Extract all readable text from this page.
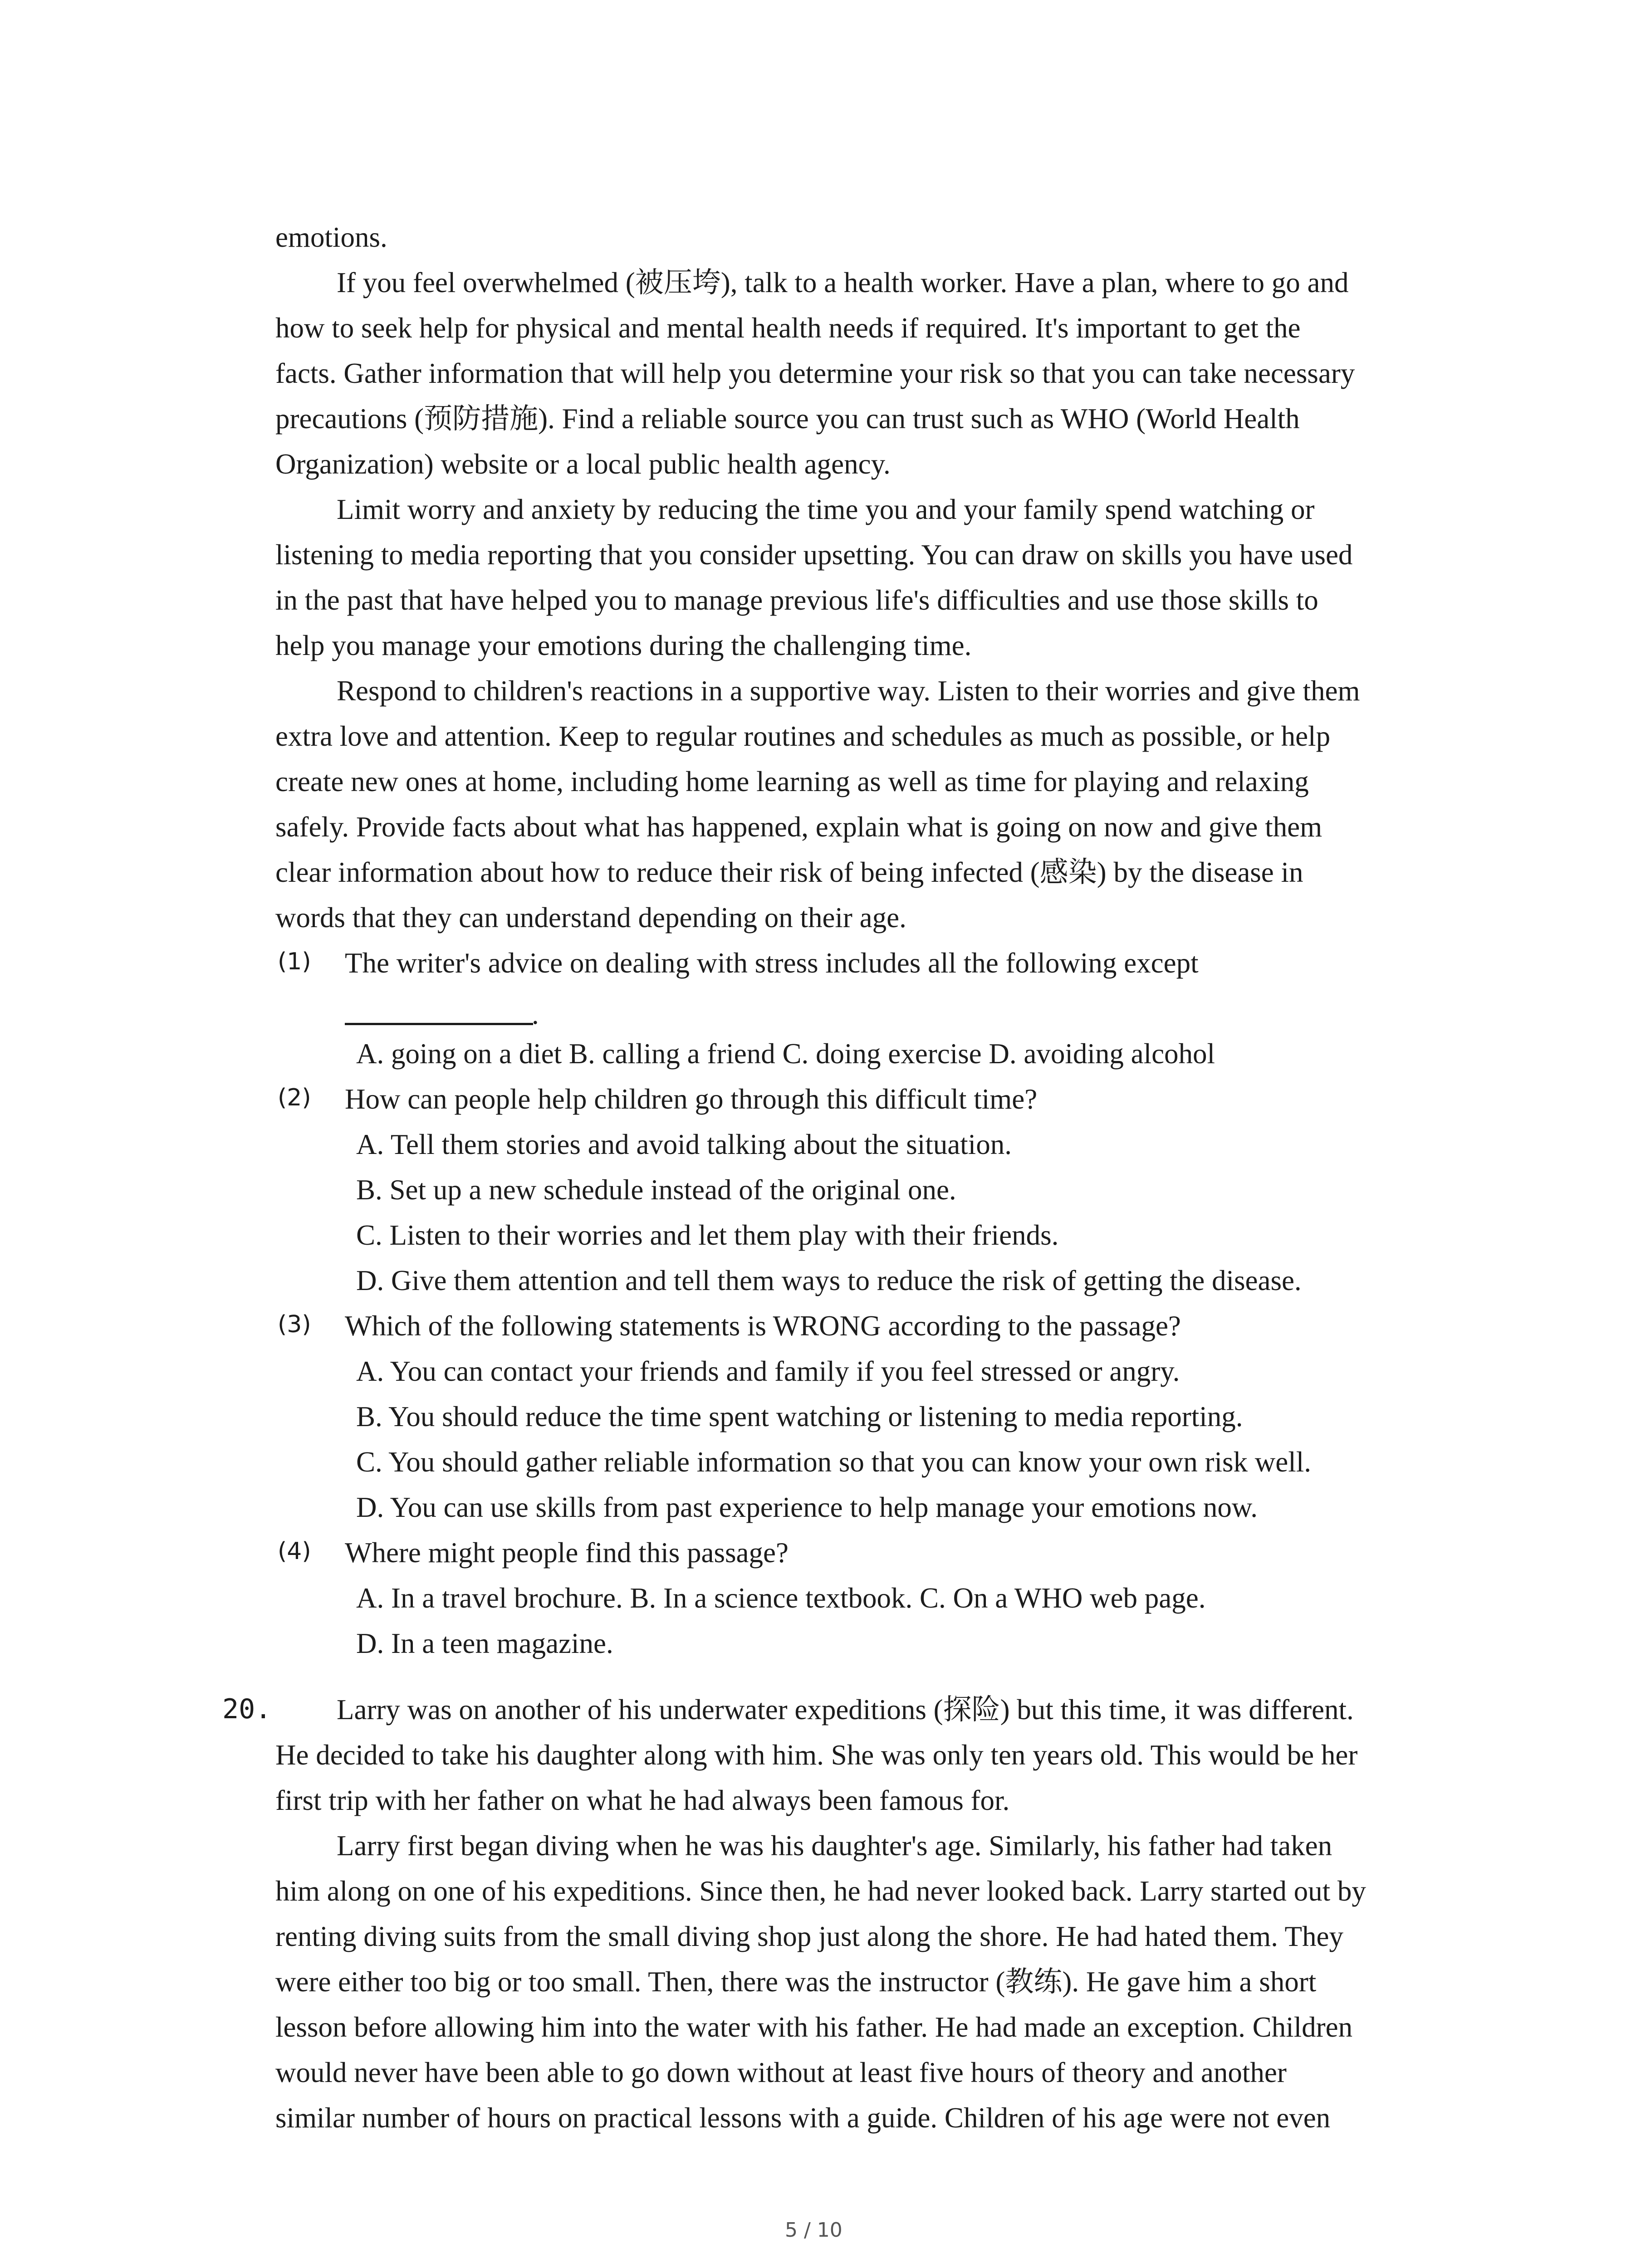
emotions.
If you feel overwhelmed (被压垮), talk to a health worker. Have a plan, where to go and
how to seek help for physical and mental health needs if required. It's important to get the
facts. Gather information that will help you determine your risk so that you can take necessary
precautions (预防措施). Find a reliable source you can trust such as WHO (World Health
Organization) website or a local public health agency.
Limit worry and anxiety by reducing the time you and your family spend watching or
listening to media reporting that you consider upsetting. You can draw on skills you have used
in the past that have helped you to manage previous life's difficulties and use those skills to
help you manage your emotions during the challenging time.
Respond to children's reactions in a supportive way. Listen to their worries and give them
extra love and attention. Keep to regular routines and schedules as much as possible, or help
create new ones at home, including home learning as well as time for playing and relaxing
safely. Provide facts about what has happened, explain what is going on now and give them
clear information about how to reduce their risk of being infected (感染) by the disease in
words that they can understand depending on their age.
(1) The writer's advice on dealing with stress includes all the following except
.
A. going on a diet B. calling a friend C. doing exercise D. avoiding alcohol
(2) How can people help children go through this difficult time?
A. Tell them stories and avoid talking about the situation.
B. Set up a new schedule instead of the original one.
C. Listen to their worries and let them play with their friends.
D. Give them attention and tell them ways to reduce the risk of getting the disease.
(3) Which of the following statements is WRONG according to the passage?
A. You can contact your friends and family if you feel stressed or angry.
B. You should reduce the time spent watching or listening to media reporting.
C. You should gather reliable information so that you can know your own risk well.
D. You can use skills from past experience to help manage your emotions now.
(4) Where might people find this passage?
A. In a travel brochure. B. In a science textbook. C. On a WHO web page.
D. In a teen magazine.
20. Larry was on another of his underwater expeditions (探险) but this time, it was different.
He decided to take his daughter along with him. She was only ten years old. This would be her
first trip with her father on what he had always been famous for.
Larry first began diving when he was his daughter's age. Similarly, his father had taken
him along on one of his expeditions. Since then, he had never looked back. Larry started out by
renting diving suits from the small diving shop just along the shore. He had hated them. They
were either too big or too small. Then, there was the instructor (教练). He gave him a short
lesson before allowing him into the water with his father. He had made an exception. Children
would never have been able to go down without at least five hours of theory and another
similar number of hours on practical lessons with a guide. Children of his age were not even
5 / 10
